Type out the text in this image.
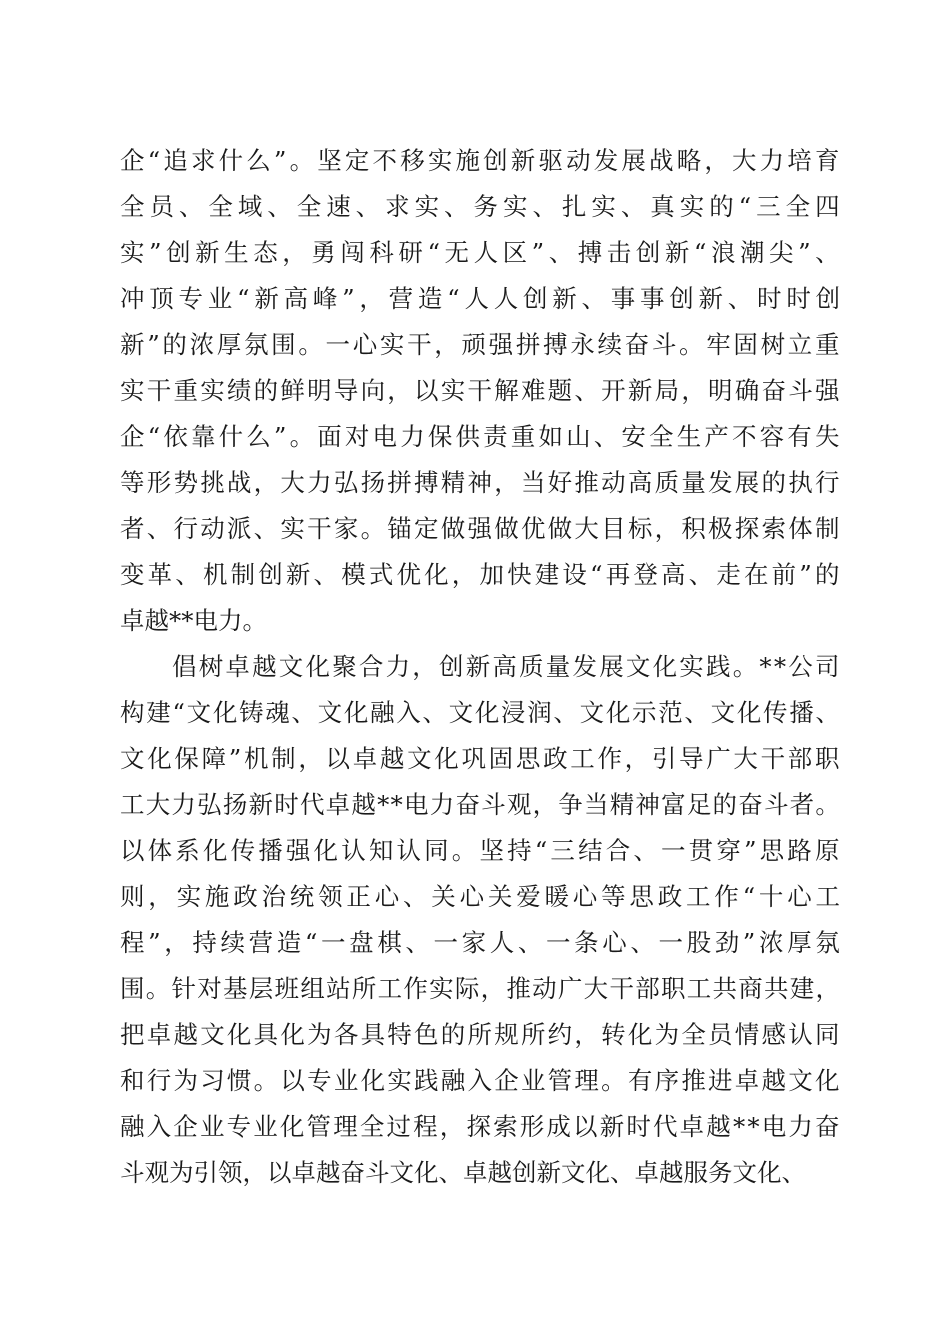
企“追求什么”。坚定不移实施创新驱动发展战略，大力培育
全员、全域、全速、求实、务实、扎实、真实的“三全四
实”创新生态，勇闯科研“无人区”、搏击创新“浪潮尖”、
冲顶专业“新高峰”，营造“人人创新、事事创新、时时创
新”的浓厚氛围。一心实干，顽强拼搏永续奋斗。牢固树立重
实干重实绩的鲜明导向，以实干解难题、开新局，明确奋斗强
企“依靠什么”。面对电力保供责重如山、安全生产不容有失
等形势挑战，大力弘扬拼搏精神，当好推动高质量发展的执行
者、行动派、实干家。锚定做强做优做大目标，积极探索体制
变革、机制创新、模式优化，加快建设“再登高、走在前”的
卓越**电力。
倡树卓越文化聚合力，创新高质量发展文化实践。**公司
构建“文化铸魂、文化融入、文化浸润、文化示范、文化传播、
文化保障”机制，以卓越文化巩固思政工作，引导广大干部职
工大力弘扬新时代卓越**电力奋斗观，争当精神富足的奋斗者。
以体系化传播强化认知认同。坚持“三结合、一贯穿”思路原
则，实施政治统领正心、关心关爱暖心等思政工作“十心工
程”，持续营造“一盘棋、一家人、一条心、一股劲”浓厚氛
围。针对基层班组站所工作实际，推动广大干部职工共商共建，
把卓越文化具化为各具特色的所规所约，转化为全员情感认同
和行为习惯。以专业化实践融入企业管理。有序推进卓越文化
融入企业专业化管理全过程，探索形成以新时代卓越**电力奋
斗观为引领，以卓越奋斗文化、卓越创新文化、卓越服务文化、
